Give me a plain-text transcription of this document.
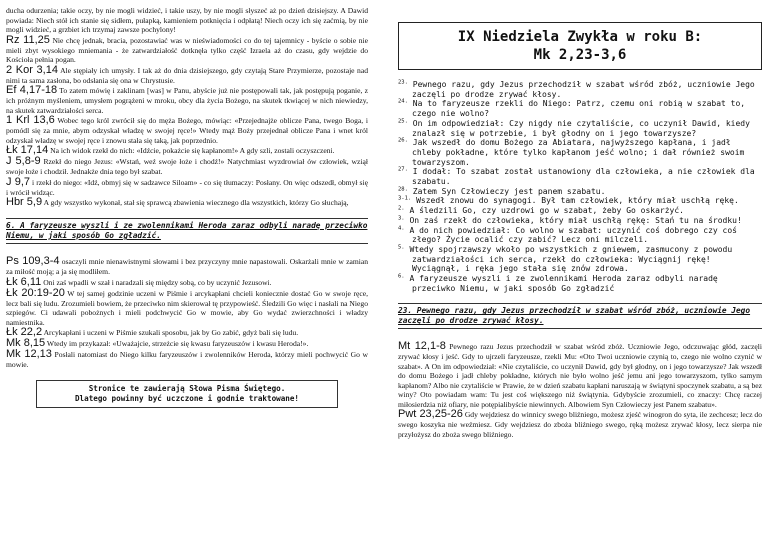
ducha odurzenia; takie oczy, by nie mogli widzieć, i takie uszy, by nie mogli słyszeć aż po dzień dzisiejszy. A Dawid powiada: Niech stół ich stanie się sidłem, pułapką, kamieniem potknięcia i odpłatą! Niech oczy ich się zaćmią, by nie mogli widzieć, a grzbiet ich trzymaj zawsze pochylony!

Rz 11,25 Nie chcę jednak, bracia, pozostawiać was w nieświadomości co do tej tajemnicy - byście o sobie nie mieli zbyt wysokiego mniemania - że zatwardziałość dotknęła tylko część Izraela aż do czasu, gdy wejdzie do Kościoła pełnia pogan.

2 Kor 3,14 Ale stępiały ich umysły. I tak aż do dnia dzisiejszego, gdy czytają Stare Przymierze, pozostaje nad nimi ta sama zasłona, bo odsłania się ona w Chrystusie.

Ef 4,17-18 To zatem mówię i zaklinam [was] w Panu, abyście już nie postępowali tak, jak postępują poganie, z ich próżnym myśleniem, umysłem pogrążeni w mroku, obcy dla życia Bożego, na skutek tkwiącej w nich niewiedzy, na skutek zatwardziałości serca.

1 Krl 13,6 Wobec tego król zwrócił się do męża Bożego, mówiąc: «Przejednajże oblicze Pana, twego Boga, i pomódl się za mnie, abym odzyskał władzę w swojej ręce!» Wtedy mąż Boży przejednał oblicze Pana i wnet król odzyskał władzę w swojej ręce i znowu stała się taką, jak poprzednio.

Łk 17,14 Na ich widok rzekł do nich: «Idźcie, pokażcie się kapłanom!» A gdy szli, zostali oczyszczeni.

J 5,8-9 Rzekł do niego Jezus: «Wstań, weź swoje łoże i chodź!» Natychmiast wyzdrowiał ów człowiek, wziął swoje łoże i chodził. Jednakże dnia tego był szabat.

J 9,7 i rzekł do niego: «Idź, obmyj się w sadzawce Siloam» - co się tłumaczy: Posłany. On więc odszedł, obmył się i wrócił widząc.

Hbr 5,9 A gdy wszystko wykonał, stał się sprawcą zbawienia wiecznego dla wszystkich, którzy Go słuchają,

6. A faryzeusze wyszli i ze zwolennikami Heroda zaraz odbyli naradę przeciwko Niemu, w jaki sposób Go zgładzić.

Ps 109,3-4 osaczyli mnie nienawistnymi słowami i bez przyczyny mnie napastowali. Oskarżali mnie w zamian za miłość moją; a ja się modliłem.

Łk 6,11 Oni zaś wpadli w szał i naradzali się między sobą, co by uczynić Jezusowi.

Łk 20:19-20 W tej samej godzinie uczeni w Piśmie i arcykapłani chcieli koniecznie dostać Go w swoje ręce, lecz bali się ludu. Zrozumieli bowiem, że przeciwko nim skierował tę przypowieść. Śledzili Go więc i nasłali na Niego szpiegów. Ci udawali pobożnych i mieli podchwycić Go w mowie, aby Go wydać zwierzchności i władzy namiestnika.

Łk 22,2 Arcykapłani i uczeni w Piśmie szukali sposobu, jak by Go zabić, gdyż bali się ludu.

Mk 8,15 Wtedy im przykazał: «Uważajcie, strzeżcie się kwasu faryzeuszów i kwasu Heroda!».

Mk 12,13 Posłali natomiast do Niego kilku faryzeuszów i zwolenników Heroda, którzy mieli pochwycić Go w mowie.

Stronice te zawierają Słowa Pisma Świętego.
Dlatego powinny być uczczone i godnie traktowane!
IX Niedziela Zwykła w roku B:
Mk 2,23-3,6
$^{23.}$ Pewnego razu, gdy Jezus przechodził w szabat wśród zbóż, uczniowie Jego zaczęli po drodze zrywać kłosy.
$^{24.}$ Na to faryzeusze rzekli do Niego: Patrz, czemu oni robią w szabat to, czego nie wolno?
$^{25.}$ On im odpowiedział: Czy nigdy nie czytaliście, co uczynił Dawid, kiedy znalazł się w potrzebie, i był głodny on i jego towarzysze?
$^{26.}$ Jak wszedł do domu Bożego za Abiatara, najwyższego kapłana, i jadł chleby pokładne, które tylko kapłanom jeść wolno; i dał również swoim towarzyszom.
$^{27.}$ I dodał: To szabat został ustanowiony dla człowieka, a nie człowiek dla szabatu.
$^{28.}$ Zatem Syn Człowieczy jest panem szabatu.
$^{3-1.}$ Wszedł znowu do synagogi. Był tam człowiek, który miał uschłą rękę.
$^{2.}$ A śledzili Go, czy uzdrowi go w szabat, żeby Go oskarżyć.
$^{3.}$ On zaś rzekł do człowieka, który miał uschłą rękę: Stań tu na środku!
$^{4.}$ A do nich powiedział: Co wolno w szabat: uczynić coś dobrego czy coś złego? Życie ocalić czy zabić? Lecz oni milczeli.
$^{5.}$ Wtedy spojrzawszy wkoło po wszystkich z gniewem, zasmucony z powodu zatwardziałości ich serca, rzekł do człowieka: Wyciągnij rękę! Wyciągnął, i ręka jego stała się znów zdrowa.
$^{6.}$ A faryzeusze wyszli i ze zwolennikami Heroda zaraz odbyli naradę przeciwko Niemu, w jaki sposób Go zgładzić

23. Pewnego razu, gdy Jezus przechodził w szabat wśród zbóż, uczniowie Jego zaczęli po drodze zrywać kłosy.

Mt 12,1-8 Pewnego razu Jezus przechodził w szabat wśród zbóż. Uczniowie Jego, odczuwając głód, zaczęli zrywać kłosy i jeść. Gdy to ujrzeli faryzeusze, rzekli Mu: «Oto Twoi uczniowie czynią to, czego nie wolno czynić w szabat». A On im odpowiedział: «Nie czytaliście, co uczynił Dawid, gdy był głodny, on i jego towarzysze? Jak wszedł do domu Bożego i jadł chleby pokładne, których nie było wolno jeść jemu ani jego towarzyszom, tylko samym kapłanom? Albo nie czytaliście w Prawie, że w dzień szabatu kapłani naruszają w świątyni spoczynek szabatu, a są bez winy? Oto powiadam wam: Tu jest coś większego niż świątynia. Gdybyście zrozumieli, co znaczy: Chcę raczej miłosierdzia niż ofiary, nie potępialibyście niewinnych. Albowiem Syn Człowieczy jest Panem szabatu».

Pwt 23,25-26 Gdy wejdziesz do winnicy swego bliźniego, możesz zjeść winogron do syta, ile zechcesz; lecz do swego koszyka nie weźmiesz. Gdy wejdziesz do zboża bliźniego swego, ręką możesz zrywać kłosy, lecz sierpa nie przyłożysz do zboża swego bliźniego.
